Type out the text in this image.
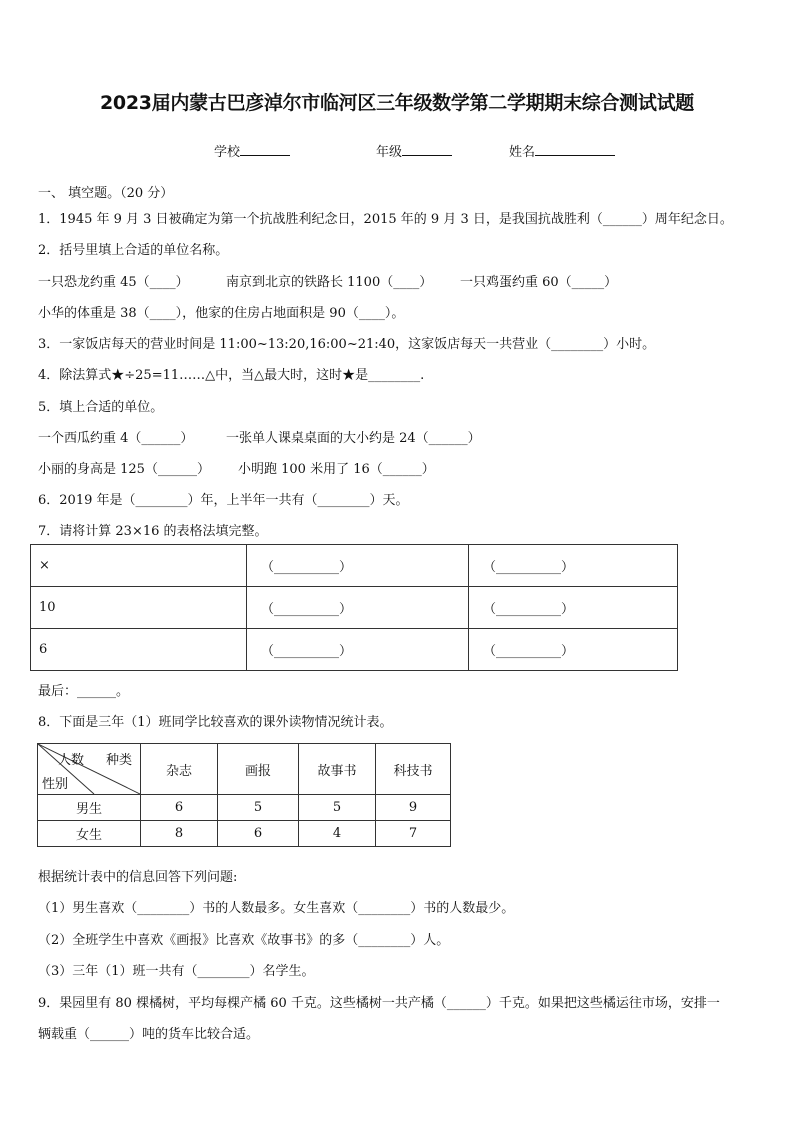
2023届内蒙古巴彦淖尔市临河区三年级数学第二学期期末综合测试试题
学校	年级	姓名
一、 填空题。（20 分）
1．1945 年 9 月 3 日被确定为第一个抗战胜利纪念日，2015 年的 9 月 3 日，是我国抗战胜利（______）周年纪念日。
2．括号里填上合适的单位名称。
一只恐龙约重 45（____）	南京到北京的铁路长 1100（____） 一只鸡蛋约重 60（_____）
小华的体重是 38（____），他家的住房占地面积是 90（____）。
3．一家饭店每天的营业时间是 11:00~13:20,16:00~21:40，这家饭店每天一共营业（________）小时。
4．除法算式★÷25=11……△中，当△最大时，这时★是________.
5．填上合适的单位。
一个西瓜约重 4（______）	一张单人课桌桌面的大小约是 24（______）
小丽的身高是 125（______） 小明跑 100 米用了 16（______）
6．2019 年是（________）年，上半年一共有（________）天。
7．请将计算 23×16 的表格法填完整。
×	（__________）	（__________）
10	（__________）	（__________）
6	（__________）	（__________）
最后：______。
8．下面是三年（1）班同学比较喜欢的课外读物情况统计表。
人数 种类
性别	杂志	画报	故事书	科技书
男生	6	5	5	9
女生	8	6	4	7
根据统计表中的信息回答下列问题:
（1）男生喜欢（________）书的人数最多。女生喜欢（________）书的人数最少。
（2）全班学生中喜欢《画报》比喜欢《故事书》的多（________）人。
（3）三年（1）班一共有（________）名学生。
9．果园里有 80 棵橘树，平均每棵产橘 60 千克。这些橘树一共产橘（______）千克。如果把这些橘运往市场，安排一
辆载重（______）吨的货车比较合适。
